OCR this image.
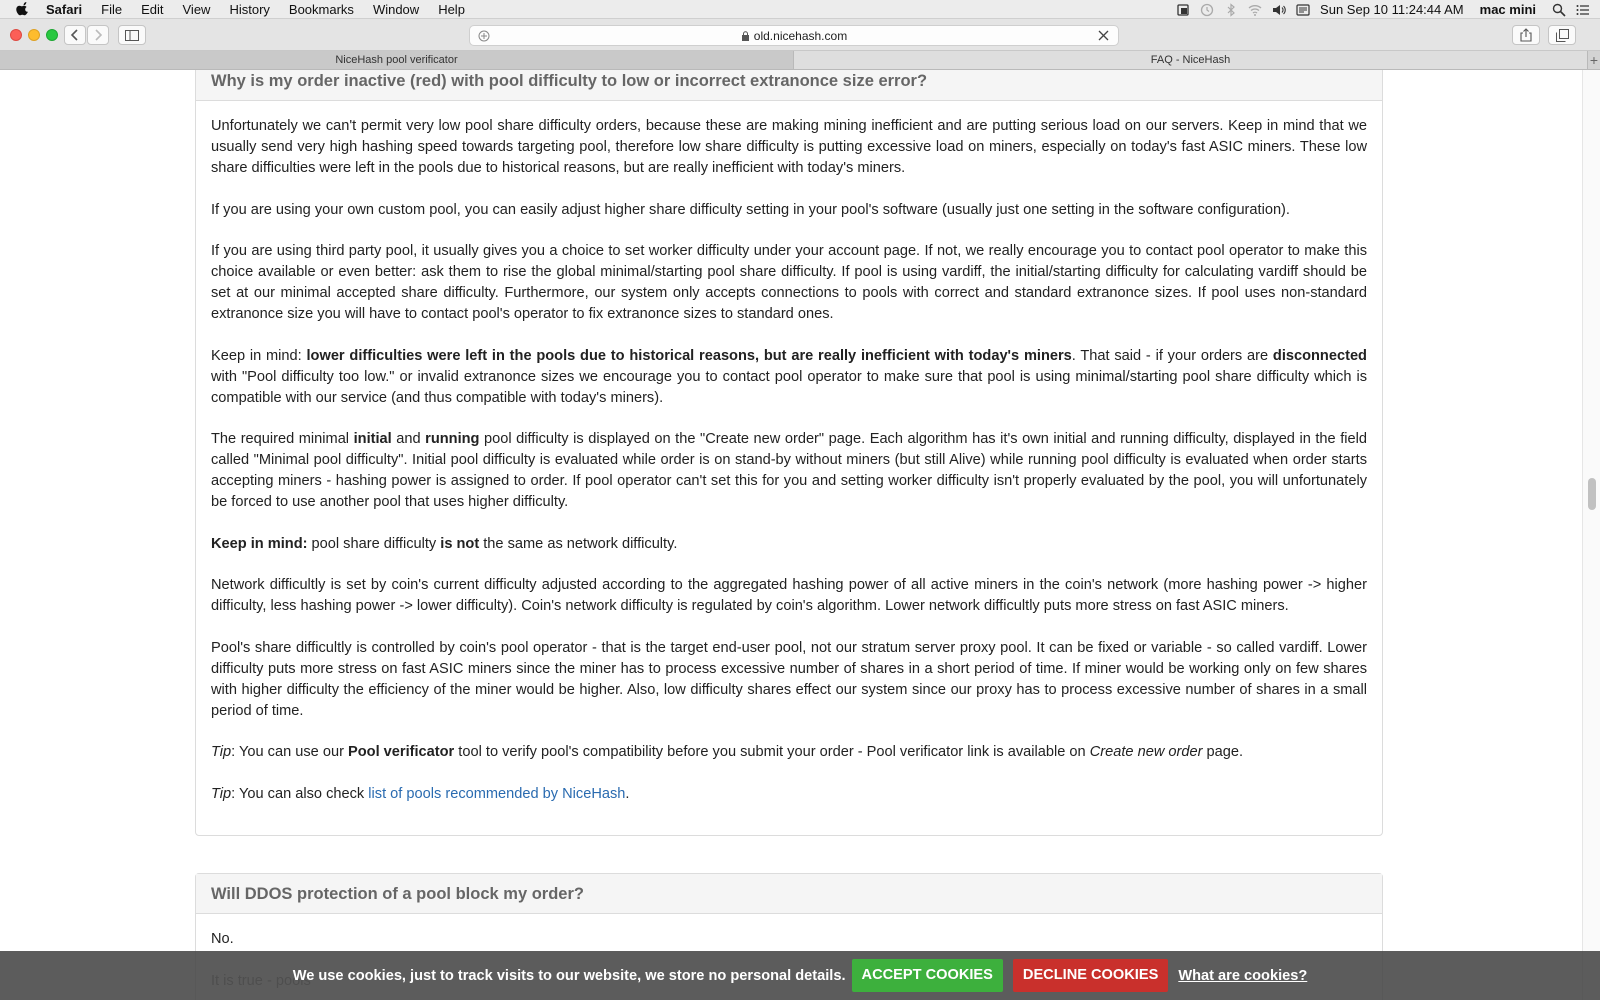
Safari File Edit View History Bookmarks Window Help	Sun Sep 10 11:24:44 AM mac mini
old.nicehash.com
NiceHash pool verificator	FAQ - NiceHash	+
Why is my order inactive (red) with pool difficulty to low or incorrect extranonce size error?

Unfortunately we can't permit very low pool share difficulty orders, because these are making mining inefficient and are putting serious load on our servers. Keep in mind that we usually send very high hashing speed towards targeting pool, therefore low share difficulty is putting excessive load on miners, especially on today's fast ASIC miners. These low share difficulties were left in the pools due to historical reasons, but are really inefficient with today's miners.

If you are using your own custom pool, you can easily adjust higher share difficulty setting in your pool's software (usually just one setting in the software configuration).

If you are using third party pool, it usually gives you a choice to set worker difficulty under your account page. If not, we really encourage you to contact pool operator to make this choice available or even better: ask them to rise the global minimal/starting pool share difficulty. If pool is using vardiff, the initial/starting difficulty for calculating vardiff should be set at our minimal accepted share difficulty. Furthermore, our system only accepts connections to pools with correct and standard extranonce sizes. If pool uses non-standard extranonce size you will have to contact pool's operator to fix extranonce sizes to standard ones.

Keep in mind: lower difficulties were left in the pools due to historical reasons, but are really inefficient with today's miners. That said - if your orders are disconnected with "Pool difficulty too low." or invalid extranonce sizes we encourage you to contact pool operator to make sure that pool is using minimal/starting pool share difficulty which is compatible with our service (and thus compatible with today's miners).

The required minimal initial and running pool difficulty is displayed on the "Create new order" page. Each algorithm has it's own initial and running difficulty, displayed in the field called "Minimal pool difficulty". Initial pool difficulty is evaluated while order is on stand-by without miners (but still Alive) while running pool difficulty is evaluated when order starts accepting miners - hashing power is assigned to order. If pool operator can't set this for you and setting worker difficulty isn't properly evaluated by the pool, you will unfortunately be forced to use another pool that uses higher difficulty.

Keep in mind: pool share difficulty is not the same as network difficulty.

Network difficultly is set by coin's current difficulty adjusted according to the aggregated hashing power of all active miners in the coin's network (more hashing power -> higher difficulty, less hashing power -> lower difficulty). Coin's network difficulty is regulated by coin's algorithm. Lower network difficultly puts more stress on fast ASIC miners.

Pool's share difficultly is controlled by coin's pool operator - that is the target end-user pool, not our stratum server proxy pool. It can be fixed or variable - so called vardiff. Lower difficulty puts more stress on fast ASIC miners since the miner has to process excessive number of shares in a short period of time. If miner would be working only on few shares with higher difficulty the efficiency of the miner would be higher. Also, low difficulty shares effect our system since our proxy has to process excessive number of shares in a small period of time.

Tip: You can use our Pool verificator tool to verify pool's compatibility before you submit your order - Pool verificator link is available on Create new order page.

Tip: You can also check list of pools recommended by NiceHash.

Will DDOS protection of a pool block my order?

No.

We use cookies, just to track visits to our website, we store no personal details.	ACCEPT COOKIES	DECLINE COOKIES	What are cookies?
